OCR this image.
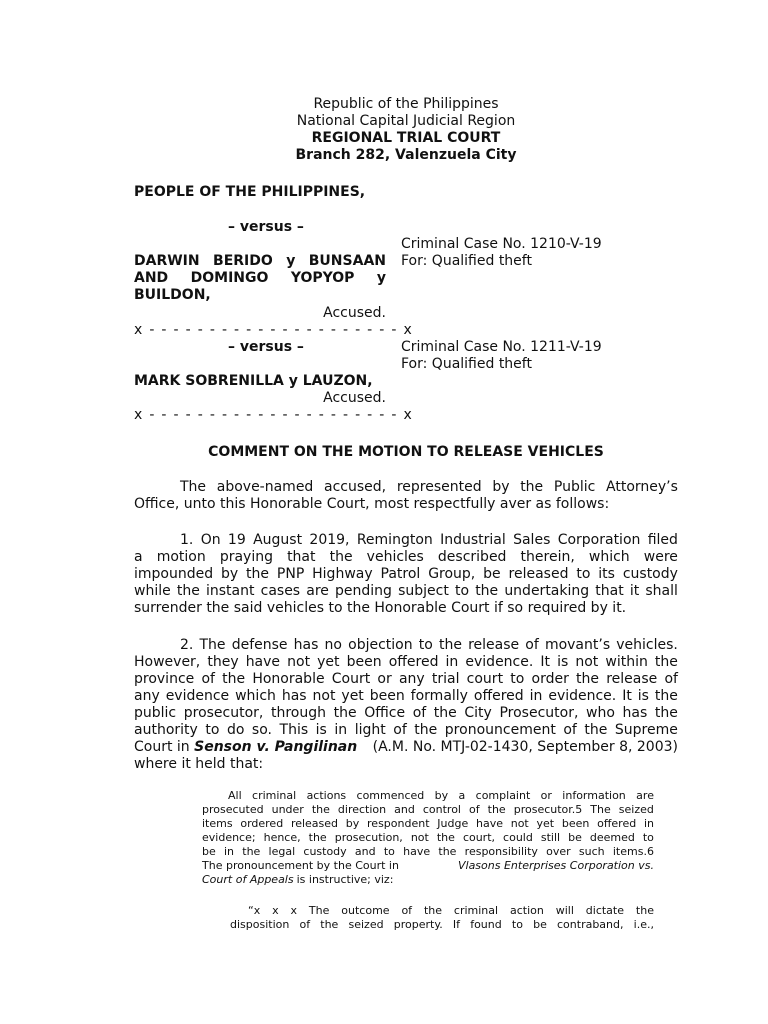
Republic of the Philippines
National Capital Judicial Region
REGIONAL TRIAL COURT
Branch 282, Valenzuela City
PEOPLE OF THE PHILIPPINES,
– versus –
Criminal Case No. 1210-V-19
For: Qualified theft
DARWIN BERIDO y BUNSAAN
AND DOMINGO YOPYOP y
BUILDON,
Accused.
x - - - - - - - - - - - - - - - - - - - - - x
– versus –	Criminal Case No. 1211-V-19
For: Qualified theft
MARK SOBRENILLA y LAUZON,
Accused.
x - - - - - - - - - - - - - - - - - - - - - x
COMMENT ON THE MOTION TO RELEASE VEHICLES
The above-named accused, represented by the Public Attorney’s
Office, unto this Honorable Court, most respectfully aver as follows:
1. On 19 August 2019, Remington Industrial Sales Corporation filed
a motion praying that the vehicles described therein, which were
impounded by the PNP Highway Patrol Group, be released to its custody
while the instant cases are pending subject to the undertaking that it shall
surrender the said vehicles to the Honorable Court if so required by it.
2. The defense has no objection to the release of movant’s vehicles.
However, they have not yet been offered in evidence. It is not within the
province of the Honorable Court or any trial court to order the release of
any evidence which has not yet been formally offered in evidence. It is the
public prosecutor, through the Office of the City Prosecutor, who has the
authority to do so. This is in light of the pronouncement of the Supreme
Court in Senson v. Pangilinan (A.M. No. MTJ-02-1430, September 8, 2003)
where it held that:
All criminal actions commenced by a complaint or information are
prosecuted under the direction and control of the prosecutor.5 The seized
items ordered released by respondent Judge have not yet been offered in
evidence; hence, the prosecution, not the court, could still be deemed to
be in the legal custody and to have the responsibility over such items.6
The pronouncement by the Court in	Vlasons Enterprises Corporation vs.
Court of Appeals is instructive; viz:
“x x x The outcome of the criminal action will dictate the
disposition of the seized property. If found to be contraband, i.e.,
